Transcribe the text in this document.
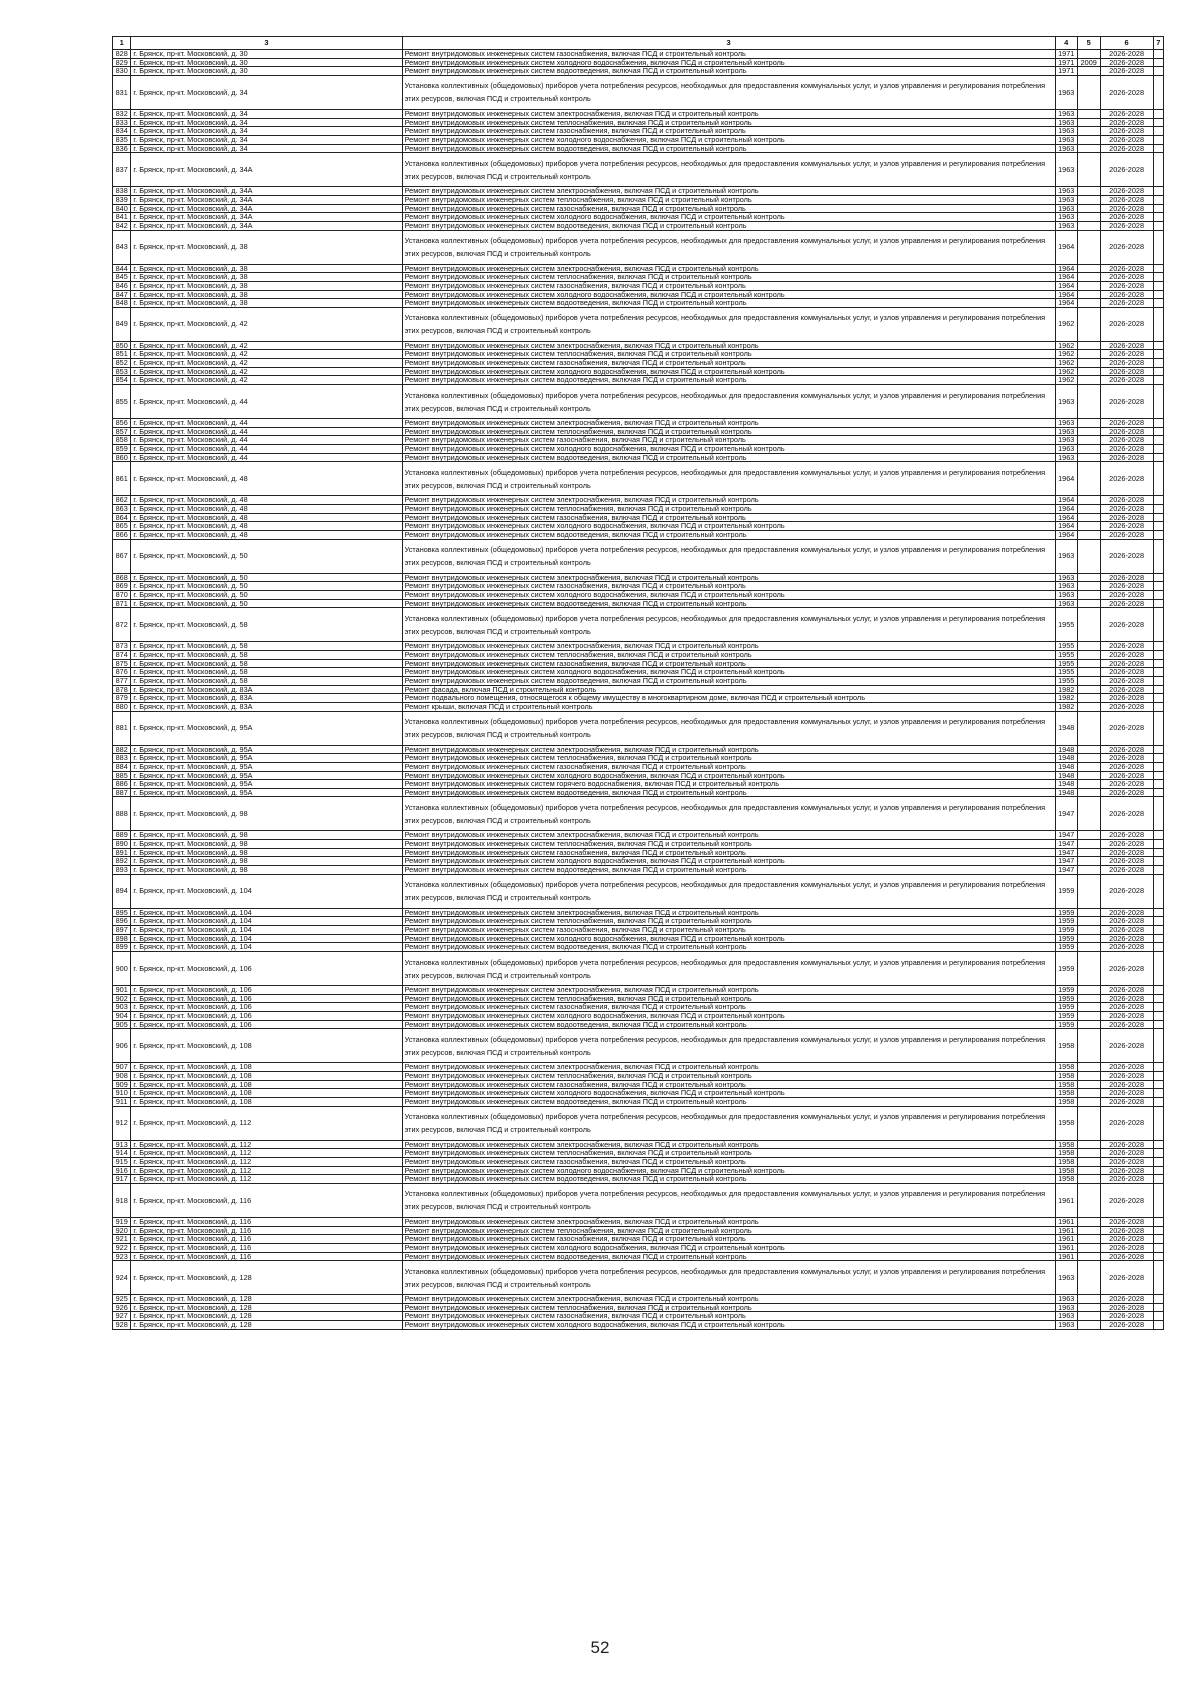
1	3	3	4	5	6	7
828	г. Брянск, пр-кт. Московский, д. 30	Ремонт внутридомовых инженерных систем газоснабжения, включая ПСД и строительный контроль	1971		2026-2028	
829	г. Брянск, пр-кт. Московский, д. 30	Ремонт внутридомовых инженерных систем холодного водоснабжения, включая ПСД и строительный контроль	1971	2009	2026-2028	
830	г. Брянск, пр-кт. Московский, д. 30	Ремонт внутридомовых инженерных систем водоотведения, включая ПСД и строительный контроль	1971		2026-2028	
831	г. Брянск, пр-кт. Московский, д. 34	Установка коллективных (общедомовых) приборов учета потребления ресурсов, необходимых для предоставления коммунальных услуг, и узлов управления и регулирования потребления этих ресурсов, включая ПСД и строительный контроль	1963		2026-2028	
832	г. Брянск, пр-кт. Московский, д. 34	Ремонт внутридомовых инженерных систем электроснабжения, включая ПСД и строительный контроль	1963		2026-2028	
833	г. Брянск, пр-кт. Московский, д. 34	Ремонт внутридомовых инженерных систем теплоснабжения, включая ПСД и строительный контроль	1963		2026-2028	
834	г. Брянск, пр-кт. Московский, д. 34	Ремонт внутридомовых инженерных систем газоснабжения, включая ПСД и строительный контроль	1963		2026-2028	
835	г. Брянск, пр-кт. Московский, д. 34	Ремонт внутридомовых инженерных систем холодного водоснабжения, включая ПСД и строительный контроль	1963		2026-2028	
836	г. Брянск, пр-кт. Московский, д. 34	Ремонт внутридомовых инженерных систем водоотведения, включая ПСД и строительный контроль	1963		2026-2028	
837	г. Брянск, пр-кт. Московский, д. 34А	Установка коллективных (общедомовых) приборов учета потребления ресурсов, необходимых для предоставления коммунальных услуг, и узлов управления и регулирования потребления этих ресурсов, включая ПСД и строительный контроль	1963		2026-2028	
838	г. Брянск, пр-кт. Московский, д. 34А	Ремонт внутридомовых инженерных систем электроснабжения, включая ПСД и строительный контроль	1963		2026-2028	
839	г. Брянск, пр-кт. Московский, д. 34А	Ремонт внутридомовых инженерных систем теплоснабжения, включая ПСД и строительный контроль	1963		2026-2028	
840	г. Брянск, пр-кт. Московский, д. 34А	Ремонт внутридомовых инженерных систем газоснабжения, включая ПСД и строительный контроль	1963		2026-2028	
841	г. Брянск, пр-кт. Московский, д. 34А	Ремонт внутридомовых инженерных систем холодного водоснабжения, включая ПСД и строительный контроль	1963		2026-2028	
842	г. Брянск, пр-кт. Московский, д. 34А	Ремонт внутридомовых инженерных систем водоотведения, включая ПСД и строительный контроль	1963		2026-2028	
843	г. Брянск, пр-кт. Московский, д. 38	Установка коллективных (общедомовых) приборов учета потребления ресурсов, необходимых для предоставления коммунальных услуг, и узлов управления и регулирования потребления этих ресурсов, включая ПСД и строительный контроль	1964		2026-2028	
844	г. Брянск, пр-кт. Московский, д. 38	Ремонт внутридомовых инженерных систем электроснабжения, включая ПСД и строительный контроль	1964		2026-2028	
845	г. Брянск, пр-кт. Московский, д. 38	Ремонт внутридомовых инженерных систем теплоснабжения, включая ПСД и строительный контроль	1964		2026-2028	
846	г. Брянск, пр-кт. Московский, д. 38	Ремонт внутридомовых инженерных систем газоснабжения, включая ПСД и строительный контроль	1964		2026-2028	
847	г. Брянск, пр-кт. Московский, д. 38	Ремонт внутридомовых инженерных систем холодного водоснабжения, включая ПСД и строительный контроль	1964		2026-2028	
848	г. Брянск, пр-кт. Московский, д. 38	Ремонт внутридомовых инженерных систем водоотведения, включая ПСД и строительный контроль	1964		2026-2028	
849	г. Брянск, пр-кт. Московский, д. 42	Установка коллективных (общедомовых) приборов учета потребления ресурсов, необходимых для предоставления коммунальных услуг, и узлов управления и регулирования потребления этих ресурсов, включая ПСД и строительный контроль	1962		2026-2028	
850	г. Брянск, пр-кт. Московский, д. 42	Ремонт внутридомовых инженерных систем электроснабжения, включая ПСД и строительный контроль	1962		2026-2028	
851	г. Брянск, пр-кт. Московский, д. 42	Ремонт внутридомовых инженерных систем теплоснабжения, включая ПСД и строительный контроль	1962		2026-2028	
852	г. Брянск, пр-кт. Московский, д. 42	Ремонт внутридомовых инженерных систем газоснабжения, включая ПСД и строительный контроль	1962		2026-2028	
853	г. Брянск, пр-кт. Московский, д. 42	Ремонт внутридомовых инженерных систем холодного водоснабжения, включая ПСД и строительный контроль	1962		2026-2028	
854	г. Брянск, пр-кт. Московский, д. 42	Ремонт внутридомовых инженерных систем водоотведения, включая ПСД и строительный контроль	1962		2026-2028	
855	г. Брянск, пр-кт. Московский, д. 44	Установка коллективных (общедомовых) приборов учета потребления ресурсов, необходимых для предоставления коммунальных услуг, и узлов управления и регулирования потребления этих ресурсов, включая ПСД и строительный контроль	1963		2026-2028	
856	г. Брянск, пр-кт. Московский, д. 44	Ремонт внутридомовых инженерных систем электроснабжения, включая ПСД и строительный контроль	1963		2026-2028	
857	г. Брянск, пр-кт. Московский, д. 44	Ремонт внутридомовых инженерных систем теплоснабжения, включая ПСД и строительный контроль	1963		2026-2028	
858	г. Брянск, пр-кт. Московский, д. 44	Ремонт внутридомовых инженерных систем газоснабжения, включая ПСД и строительный контроль	1963		2026-2028	
859	г. Брянск, пр-кт. Московский, д. 44	Ремонт внутридомовых инженерных систем холодного водоснабжения, включая ПСД и строительный контроль	1963		2026-2028	
860	г. Брянск, пр-кт. Московский, д. 44	Ремонт внутридомовых инженерных систем водоотведения, включая ПСД и строительный контроль	1963		2026-2028	
861	г. Брянск, пр-кт. Московский, д. 48	Установка коллективных (общедомовых) приборов учета потребления ресурсов, необходимых для предоставления коммунальных услуг, и узлов управления и регулирования потребления этих ресурсов, включая ПСД и строительный контроль	1964		2026-2028	
862	г. Брянск, пр-кт. Московский, д. 48	Ремонт внутридомовых инженерных систем электроснабжения, включая ПСД и строительный контроль	1964		2026-2028	
863	г. Брянск, пр-кт. Московский, д. 48	Ремонт внутридомовых инженерных систем теплоснабжения, включая ПСД и строительный контроль	1964		2026-2028	
864	г. Брянск, пр-кт. Московский, д. 48	Ремонт внутридомовых инженерных систем газоснабжения, включая ПСД и строительный контроль	1964		2026-2028	
865	г. Брянск, пр-кт. Московский, д. 48	Ремонт внутридомовых инженерных систем холодного водоснабжения, включая ПСД и строительный контроль	1964		2026-2028	
866	г. Брянск, пр-кт. Московский, д. 48	Ремонт внутридомовых инженерных систем водоотведения, включая ПСД и строительный контроль	1964		2026-2028	
867	г. Брянск, пр-кт. Московский, д. 50	Установка коллективных (общедомовых) приборов учета потребления ресурсов, необходимых для предоставления коммунальных услуг, и узлов управления и регулирования потребления этих ресурсов, включая ПСД и строительный контроль	1963		2026-2028	
868	г. Брянск, пр-кт. Московский, д. 50	Ремонт внутридомовых инженерных систем электроснабжения, включая ПСД и строительный контроль	1963		2026-2028	
869	г. Брянск, пр-кт. Московский, д. 50	Ремонт внутридомовых инженерных систем газоснабжения, включая ПСД и строительный контроль	1963		2026-2028	
870	г. Брянск, пр-кт. Московский, д. 50	Ремонт внутридомовых инженерных систем холодного водоснабжения, включая ПСД и строительный контроль	1963		2026-2028	
871	г. Брянск, пр-кт. Московский, д. 50	Ремонт внутридомовых инженерных систем водоотведения, включая ПСД и строительный контроль	1963		2026-2028	
872	г. Брянск, пр-кт. Московский, д. 58	Установка коллективных (общедомовых) приборов учета потребления ресурсов, необходимых для предоставления коммунальных услуг, и узлов управления и регулирования потребления этих ресурсов, включая ПСД и строительный контроль	1955		2026-2028	
873	г. Брянск, пр-кт. Московский, д. 58	Ремонт внутридомовых инженерных систем электроснабжения, включая ПСД и строительный контроль	1955		2026-2028	
874	г. Брянск, пр-кт. Московский, д. 58	Ремонт внутридомовых инженерных систем теплоснабжения, включая ПСД и строительный контроль	1955		2026-2028	
875	г. Брянск, пр-кт. Московский, д. 58	Ремонт внутридомовых инженерных систем газоснабжения, включая ПСД и строительный контроль	1955		2026-2028	
876	г. Брянск, пр-кт. Московский, д. 58	Ремонт внутридомовых инженерных систем холодного водоснабжения, включая ПСД и строительный контроль	1955		2026-2028	
877	г. Брянск, пр-кт. Московский, д. 58	Ремонт внутридомовых инженерных систем водоотведения, включая ПСД и строительный контроль	1955		2026-2028	
878	г. Брянск, пр-кт. Московский, д. 83А	Ремонт фасада, включая ПСД и строительный контроль	1982		2026-2028	
879	г. Брянск, пр-кт. Московский, д. 83А	Ремонт подвального помещения, относящегося к общему имуществу в многоквартирном доме, включая ПСД и строительный контроль	1982		2026-2028	
880	г. Брянск, пр-кт. Московский, д. 83А	Ремонт крыши, включая ПСД и строительный контроль	1982		2026-2028	
881	г. Брянск, пр-кт. Московский, д. 95А	Установка коллективных (общедомовых) приборов учета потребления ресурсов, необходимых для предоставления коммунальных услуг, и узлов управления и регулирования потребления этих ресурсов, включая ПСД и строительный контроль	1948		2026-2028	
882	г. Брянск, пр-кт. Московский, д. 95А	Ремонт внутридомовых инженерных систем электроснабжения, включая ПСД и строительный контроль	1948		2026-2028	
883	г. Брянск, пр-кт. Московский, д. 95А	Ремонт внутридомовых инженерных систем теплоснабжения, включая ПСД и строительный контроль	1948		2026-2028	
884	г. Брянск, пр-кт. Московский, д. 95А	Ремонт внутридомовых инженерных систем газоснабжения, включая ПСД и строительный контроль	1948		2026-2028	
885	г. Брянск, пр-кт. Московский, д. 95А	Ремонт внутридомовых инженерных систем холодного водоснабжения, включая ПСД и строительный контроль	1948		2026-2028	
886	г. Брянск, пр-кт. Московский, д. 95А	Ремонт внутридомовых инженерных систем горячего водоснабжения, включая ПСД и строительный контроль	1948		2026-2028	
887	г. Брянск, пр-кт. Московский, д. 95А	Ремонт внутридомовых инженерных систем водоотведения, включая ПСД и строительный контроль	1948		2026-2028	
888	г. Брянск, пр-кт. Московский, д. 98	Установка коллективных (общедомовых) приборов учета потребления ресурсов, необходимых для предоставления коммунальных услуг, и узлов управления и регулирования потребления этих ресурсов, включая ПСД и строительный контроль	1947		2026-2028	
889	г. Брянск, пр-кт. Московский, д. 98	Ремонт внутридомовых инженерных систем электроснабжения, включая ПСД и строительный контроль	1947		2026-2028	
890	г. Брянск, пр-кт. Московский, д. 98	Ремонт внутридомовых инженерных систем теплоснабжения, включая ПСД и строительный контроль	1947		2026-2028	
891	г. Брянск, пр-кт. Московский, д. 98	Ремонт внутридомовых инженерных систем газоснабжения, включая ПСД и строительный контроль	1947		2026-2028	
892	г. Брянск, пр-кт. Московский, д. 98	Ремонт внутридомовых инженерных систем холодного водоснабжения, включая ПСД и строительный контроль	1947		2026-2028	
893	г. Брянск, пр-кт. Московский, д. 98	Ремонт внутридомовых инженерных систем водоотведения, включая ПСД и строительный контроль	1947		2026-2028	
894	г. Брянск, пр-кт. Московский, д. 104	Установка коллективных (общедомовых) приборов учета потребления ресурсов, необходимых для предоставления коммунальных услуг, и узлов управления и регулирования потребления этих ресурсов, включая ПСД и строительный контроль	1959		2026-2028	
895	г. Брянск, пр-кт. Московский, д. 104	Ремонт внутридомовых инженерных систем электроснабжения, включая ПСД и строительный контроль	1959		2026-2028	
896	г. Брянск, пр-кт. Московский, д. 104	Ремонт внутридомовых инженерных систем теплоснабжения, включая ПСД и строительный контроль	1959		2026-2028	
897	г. Брянск, пр-кт. Московский, д. 104	Ремонт внутридомовых инженерных систем газоснабжения, включая ПСД и строительный контроль	1959		2026-2028	
898	г. Брянск, пр-кт. Московский, д. 104	Ремонт внутридомовых инженерных систем холодного водоснабжения, включая ПСД и строительный контроль	1959		2026-2028	
899	г. Брянск, пр-кт. Московский, д. 104	Ремонт внутридомовых инженерных систем водоотведения, включая ПСД и строительный контроль	1959		2026-2028	
900	г. Брянск, пр-кт. Московский, д. 106	Установка коллективных (общедомовых) приборов учета потребления ресурсов, необходимых для предоставления коммунальных услуг, и узлов управления и регулирования потребления этих ресурсов, включая ПСД и строительный контроль	1959		2026-2028	
901	г. Брянск, пр-кт. Московский, д. 106	Ремонт внутридомовых инженерных систем электроснабжения, включая ПСД и строительный контроль	1959		2026-2028	
902	г. Брянск, пр-кт. Московский, д. 106	Ремонт внутридомовых инженерных систем теплоснабжения, включая ПСД и строительный контроль	1959		2026-2028	
903	г. Брянск, пр-кт. Московский, д. 106	Ремонт внутридомовых инженерных систем газоснабжения, включая ПСД и строительный контроль	1959		2026-2028	
904	г. Брянск, пр-кт. Московский, д. 106	Ремонт внутридомовых инженерных систем холодного водоснабжения, включая ПСД и строительный контроль	1959		2026-2028	
905	г. Брянск, пр-кт. Московский, д. 106	Ремонт внутридомовых инженерных систем водоотведения, включая ПСД и строительный контроль	1959		2026-2028	
906	г. Брянск, пр-кт. Московский, д. 108	Установка коллективных (общедомовых) приборов учета потребления ресурсов, необходимых для предоставления коммунальных услуг, и узлов управления и регулирования потребления этих ресурсов, включая ПСД и строительный контроль	1958		2026-2028	
907	г. Брянск, пр-кт. Московский, д. 108	Ремонт внутридомовых инженерных систем электроснабжения, включая ПСД и строительный контроль	1958		2026-2028	
908	г. Брянск, пр-кт. Московский, д. 108	Ремонт внутридомовых инженерных систем теплоснабжения, включая ПСД и строительный контроль	1958		2026-2028	
909	г. Брянск, пр-кт. Московский, д. 108	Ремонт внутридомовых инженерных систем газоснабжения, включая ПСД и строительный контроль	1958		2026-2028	
910	г. Брянск, пр-кт. Московский, д. 108	Ремонт внутридомовых инженерных систем холодного водоснабжения, включая ПСД и строительный контроль	1958		2026-2028	
911	г. Брянск, пр-кт. Московский, д. 108	Ремонт внутридомовых инженерных систем водоотведения, включая ПСД и строительный контроль	1958		2026-2028	
912	г. Брянск, пр-кт. Московский, д. 112	Установка коллективных (общедомовых) приборов учета потребления ресурсов, необходимых для предоставления коммунальных услуг, и узлов управления и регулирования потребления этих ресурсов, включая ПСД и строительный контроль	1958		2026-2028	
913	г. Брянск, пр-кт. Московский, д. 112	Ремонт внутридомовых инженерных систем электроснабжения, включая ПСД и строительный контроль	1958		2026-2028	
914	г. Брянск, пр-кт. Московский, д. 112	Ремонт внутридомовых инженерных систем теплоснабжения, включая ПСД и строительный контроль	1958		2026-2028	
915	г. Брянск, пр-кт. Московский, д. 112	Ремонт внутридомовых инженерных систем газоснабжения, включая ПСД и строительный контроль	1958		2026-2028	
916	г. Брянск, пр-кт. Московский, д. 112	Ремонт внутридомовых инженерных систем холодного водоснабжения, включая ПСД и строительный контроль	1958		2026-2028	
917	г. Брянск, пр-кт. Московский, д. 112	Ремонт внутридомовых инженерных систем водоотведения, включая ПСД и строительный контроль	1958		2026-2028	
918	г. Брянск, пр-кт. Московский, д. 116	Установка коллективных (общедомовых) приборов учета потребления ресурсов, необходимых для предоставления коммунальных услуг, и узлов управления и регулирования потребления этих ресурсов, включая ПСД и строительный контроль	1961		2026-2028	
919	г. Брянск, пр-кт. Московский, д. 116	Ремонт внутридомовых инженерных систем электроснабжения, включая ПСД и строительный контроль	1961		2026-2028	
920	г. Брянск, пр-кт. Московский, д. 116	Ремонт внутридомовых инженерных систем теплоснабжения, включая ПСД и строительный контроль	1961		2026-2028	
921	г. Брянск, пр-кт. Московский, д. 116	Ремонт внутридомовых инженерных систем газоснабжения, включая ПСД и строительный контроль	1961		2026-2028	
922	г. Брянск, пр-кт. Московский, д. 116	Ремонт внутридомовых инженерных систем холодного водоснабжения, включая ПСД и строительный контроль	1961		2026-2028	
923	г. Брянск, пр-кт. Московский, д. 116	Ремонт внутридомовых инженерных систем водоотведения, включая ПСД и строительный контроль	1961		2026-2028	
924	г. Брянск, пр-кт. Московский, д. 128	Установка коллективных (общедомовых) приборов учета потребления ресурсов, необходимых для предоставления коммунальных услуг, и узлов управления и регулирования потребления этих ресурсов, включая ПСД и строительный контроль	1963		2026-2028	
925	г. Брянск, пр-кт. Московский, д. 128	Ремонт внутридомовых инженерных систем электроснабжения, включая ПСД и строительный контроль	1963		2026-2028	
926	г. Брянск, пр-кт. Московский, д. 128	Ремонт внутридомовых инженерных систем теплоснабжения, включая ПСД и строительный контроль	1963		2026-2028	
927	г. Брянск, пр-кт. Московский, д. 128	Ремонт внутридомовых инженерных систем газоснабжения, включая ПСД и строительный контроль	1963		2026-2028	
928	г. Брянск, пр-кт. Московский, д. 128	Ремонт внутридомовых инженерных систем холодного водоснабжения, включая ПСД и строительный контроль	1963		2026-2028	
52
